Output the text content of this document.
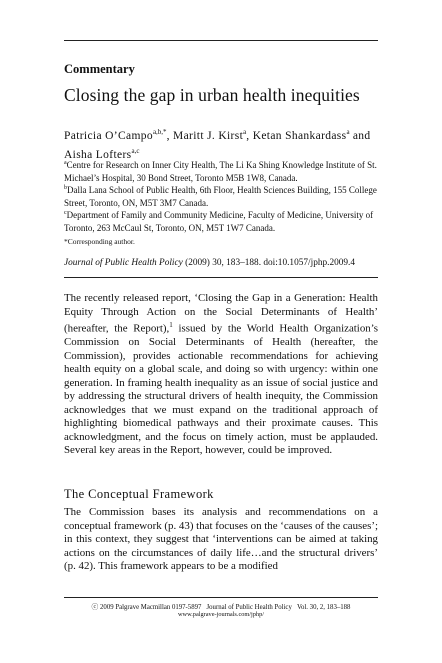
Commentary
Closing the gap in urban health inequities
Patricia O’Campo$^{a,b,*}$, Maritt J. Kirst$^a$, Ketan Shankardass$^a$ and Aisha Lofters$^{a,c}$
$^a$Centre for Research on Inner City Health, The Li Ka Shing Knowledge Institute of St. Michael’s Hospital, 30 Bond Street, Toronto M5B 1W8, Canada.
$^b$Dalla Lana School of Public Health, 6th Floor, Health Sciences Building, 155 College Street, Toronto, ON, M5T 3M7 Canada.
$^c$Department of Family and Community Medicine, Faculty of Medicine, University of Toronto, 263 McCaul St, Toronto, ON, M5T 1W7 Canada.
*Corresponding author.
Journal of Public Health Policy (2009) 30, 183–188. doi:10.1057/jphp.2009.4
The recently released report, ‘Closing the Gap in a Generation: Health Equity Through Action on the Social Determinants of Health’ (hereafter, the Report),$^1$ issued by the World Health Organization’s Commission on Social Determinants of Health (hereafter, the Commission), provides actionable recommendations for achieving health equity on a global scale, and doing so with urgency: within one generation. In framing health inequality as an issue of social justice and by addressing the structural drivers of health inequity, the Commission acknowledges that we must expand on the traditional approach of highlighting biomedical pathways and their proximate causes. This acknowledgment, and the focus on timely action, must be applauded. Several key areas in the Report, however, could be improved.
The Conceptual Framework
The Commission bases its analysis and recommendations on a conceptual framework (p. 43) that focuses on the ‘causes of the causes’; in this context, they suggest that ‘interventions can be aimed at taking actions on the circumstances of daily life…and the structural drivers’ (p. 42). This framework appears to be a modified
ⓒ 2009 Palgrave Macmillan 0197-5897 Journal of Public Health Policy Vol. 30, 2, 183–188
www.palgrave-journals.com/jphp/
